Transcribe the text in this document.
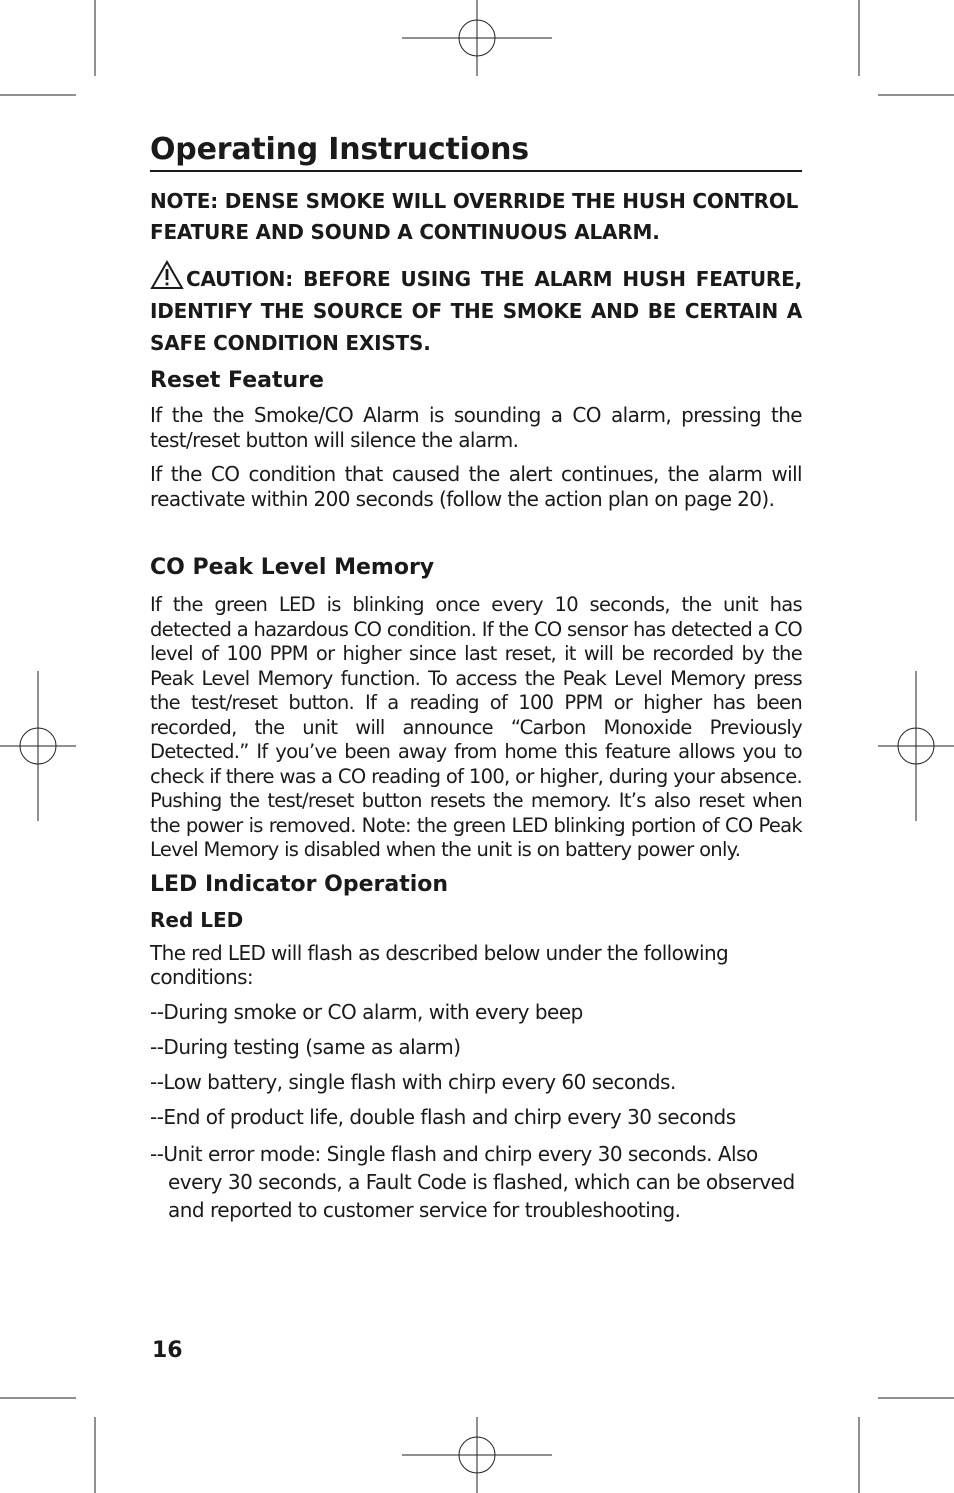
Operating Instructions

NOTE: DENSE SMOKE WILL OVERRIDE THE HUSH CONTROL FEATURE AND SOUND A CONTINUOUS ALARM.

CAUTION: BEFORE USING THE ALARM HUSH FEATURE, IDENTIFY THE SOURCE OF THE SMOKE AND BE CERTAIN A SAFE CONDITION EXISTS.

Reset Feature

If the the Smoke/CO Alarm is sounding a CO alarm, pressing the test/reset button will silence the alarm.

If the CO condition that caused the alert continues, the alarm will reactivate within 200 seconds (follow the action plan on page 20).

CO Peak Level Memory

If the green LED is blinking once every 10 seconds, the unit has detected a hazardous CO condition. If the CO sensor has detected a CO level of 100 PPM or higher since last reset, it will be recorded by the Peak Level Memory function. To access the Peak Level Memory press the test/reset button. If a reading of 100 PPM or higher has been recorded, the unit will announce “Carbon Monoxide Previously Detected.” If you’ve been away from home this feature allows you to check if there was a CO reading of 100, or higher, during your absence. Pushing the test/reset button resets the memory. It’s also reset when the power is removed. Note: the green LED blinking portion of CO Peak Level Memory is disabled when the unit is on battery power only.

LED Indicator Operation
Red LED

The red LED will flash as described below under the following conditions:

--During smoke or CO alarm, with every beep
--During testing (same as alarm)
--Low battery, single flash with chirp every 60 seconds.
--End of product life, double flash and chirp every 30 seconds
--Unit error mode: Single flash and chirp every 30 seconds. Also every 30 seconds, a Fault Code is flashed, which can be observed and reported to customer service for troubleshooting.
16
